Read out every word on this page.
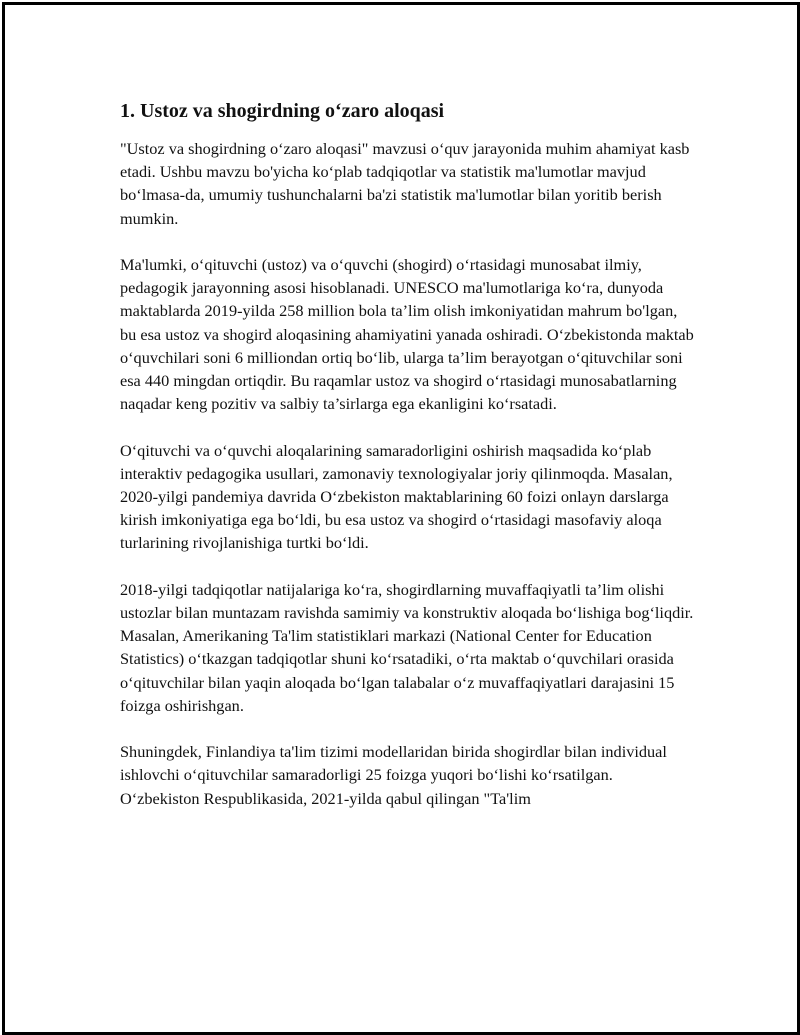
1. Ustoz va shogirdning o‘zaro aloqasi

"Ustoz va shogirdning o‘zaro aloqasi" mavzusi o‘quv jarayonida muhim ahamiyat kasb etadi. Ushbu mavzu bo'yicha ko‘plab tadqiqotlar va statistik ma'lumotlar mavjud bo‘lmasa-da, umumiy tushunchalarni ba'zi statistik ma'lumotlar bilan yoritib berish mumkin.

Ma'lumki, o‘qituvchi (ustoz) va o‘quvchi (shogird) o‘rtasidagi munosabat ilmiy, pedagogik jarayonning asosi hisoblanadi. UNESCO ma'lumotlariga ko‘ra, dunyoda maktablarda 2019-yilda 258 million bola ta’lim olish imkoniyatidan mahrum bo'lgan, bu esa ustoz va shogird aloqasining ahamiyatini yanada oshiradi. O‘zbekistonda maktab o‘quvchilari soni 6 milliondan ortiq bo‘lib, ularga ta’lim berayotgan o‘qituvchilar soni esa 440 mingdan ortiqdir. Bu raqamlar ustoz va shogird o‘rtasidagi munosabatlarning naqadar keng pozitiv va salbiy ta’sirlarga ega ekanligini ko‘rsatadi.

O‘qituvchi va o‘quvchi aloqalarining samaradorligini oshirish maqsadida ko‘plab interaktiv pedagogika usullari, zamonaviy texnologiyalar joriy qilinmoqda. Masalan, 2020-yilgi pandemiya davrida O‘zbekiston maktablarining 60 foizi onlayn darslarga kirish imkoniyatiga ega bo‘ldi, bu esa ustoz va shogird o‘rtasidagi masofaviy aloqa turlarining rivojlanishiga turtki bo‘ldi.

2018-yilgi tadqiqotlar natijalariga ko‘ra, shogirdlarning muvaffaqiyatli ta’lim olishi ustozlar bilan muntazam ravishda samimiy va konstruktiv aloqada bo‘lishiga bog‘liqdir. Masalan, Amerikaning Ta'lim statistiklari markazi (National Center for Education Statistics) o‘tkazgan tadqiqotlar shuni ko‘rsatadiki, o‘rta maktab o‘quvchilari orasida o‘qituvchilar bilan yaqin aloqada bo‘lgan talabalar o‘z muvaffaqiyatlari darajasini 15 foizga oshirishgan.

Shuningdek, Finlandiya ta'lim tizimi modellaridan birida shogirdlar bilan individual ishlovchi o‘qituvchilar samaradorligi 25 foizga yuqori bo‘lishi ko‘rsatilgan. O‘zbekiston Respublikasida, 2021-yilda qabul qilingan "Ta'lim
